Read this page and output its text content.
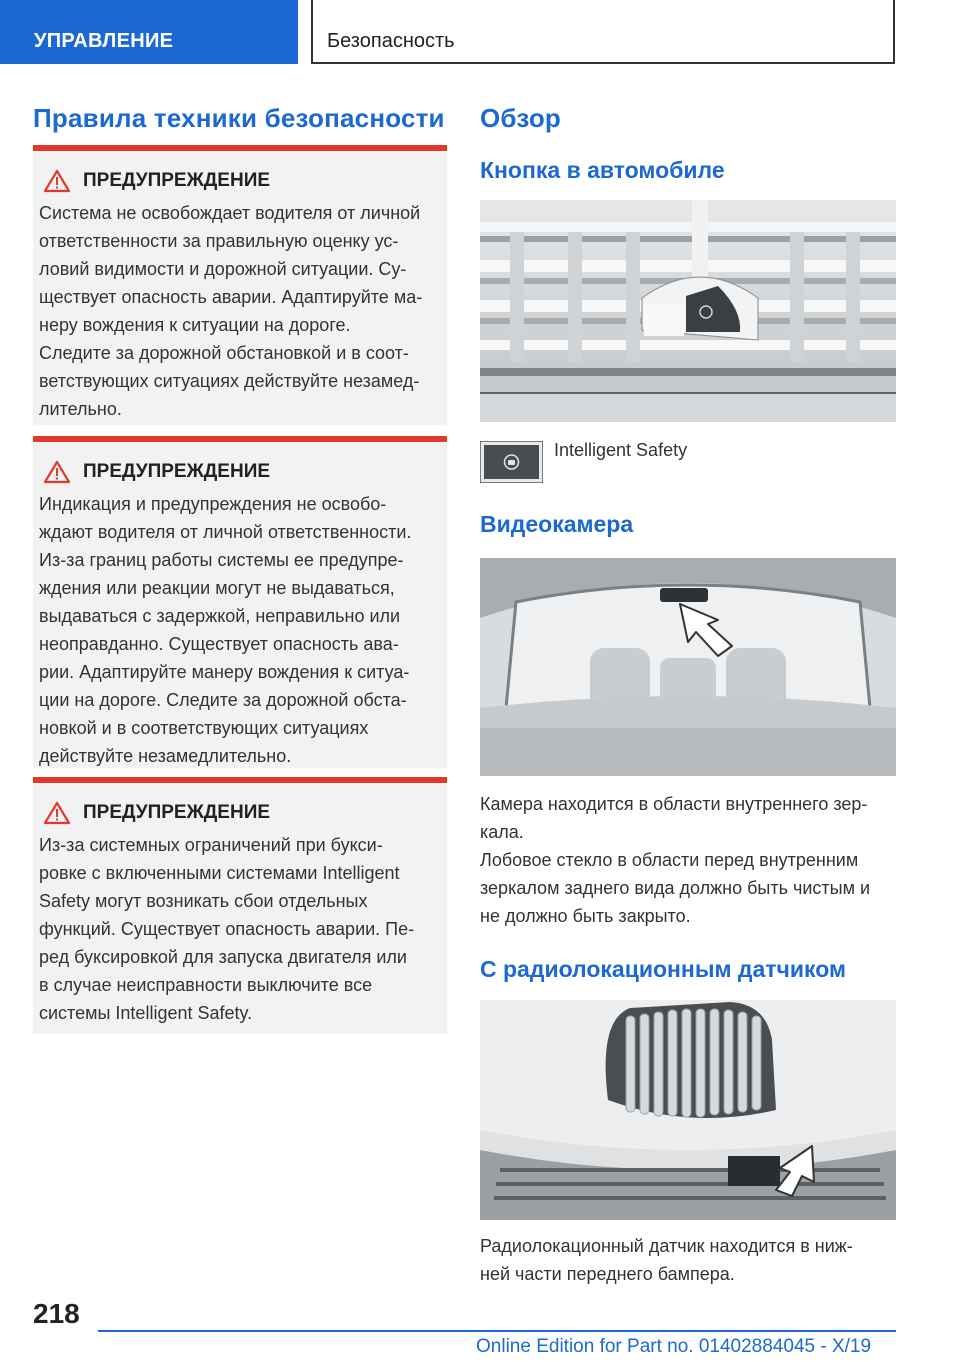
УПРАВЛЕНИЕ	Безопасность
Правила техники безопасности
ПРЕДУПРЕЖДЕНИЕ

Система не освобождает водителя от личной
ответственности за правильную оценку ус-
ловий видимости и дорожной ситуации. Су-
ществует опасность аварии. Адаптируйте ма-
неру вождения к ситуации на дороге.
Следите за дорожной обстановкой и в соот-
ветствующих ситуациях действуйте незамед-
лительно.

ПРЕДУПРЕЖДЕНИЕ

Индикация и предупреждения не освобо-
ждают водителя от личной ответственности.
Из-за границ работы системы ее предупре-
ждения или реакции могут не выдаваться,
выдаваться с задержкой, неправильно или
неоправданно. Существует опасность ава-
рии. Адаптируйте манеру вождения к ситуа-
ции на дороге. Следите за дорожной обста-
новкой и в соответствующих ситуациях
действуйте незамедлительно.

ПРЕДУПРЕЖДЕНИЕ

Из-за системных ограничений при букси-
ровке с включенными системами Intelligent
Safety могут возникать сбои отдельных
функций. Существует опасность аварии. Пе-
ред буксировкой для запуска двигателя или
в случае неисправности выключите все
системы Intelligent Safety.

Обзор
Кнопка в автомобиле
Intelligent Safety
Видеокамера

Камера находится в области внутреннего зер-
кала.

Лобовое стекло в области перед внутренним
зеркалом заднего вида должно быть чистым и
не должно быть закрыто.

С радиолокационным датчиком

Радиолокационный датчик находится в ниж-
ней части переднего бампера.

218
Online Edition for Part no. 01402884045 - X/19
